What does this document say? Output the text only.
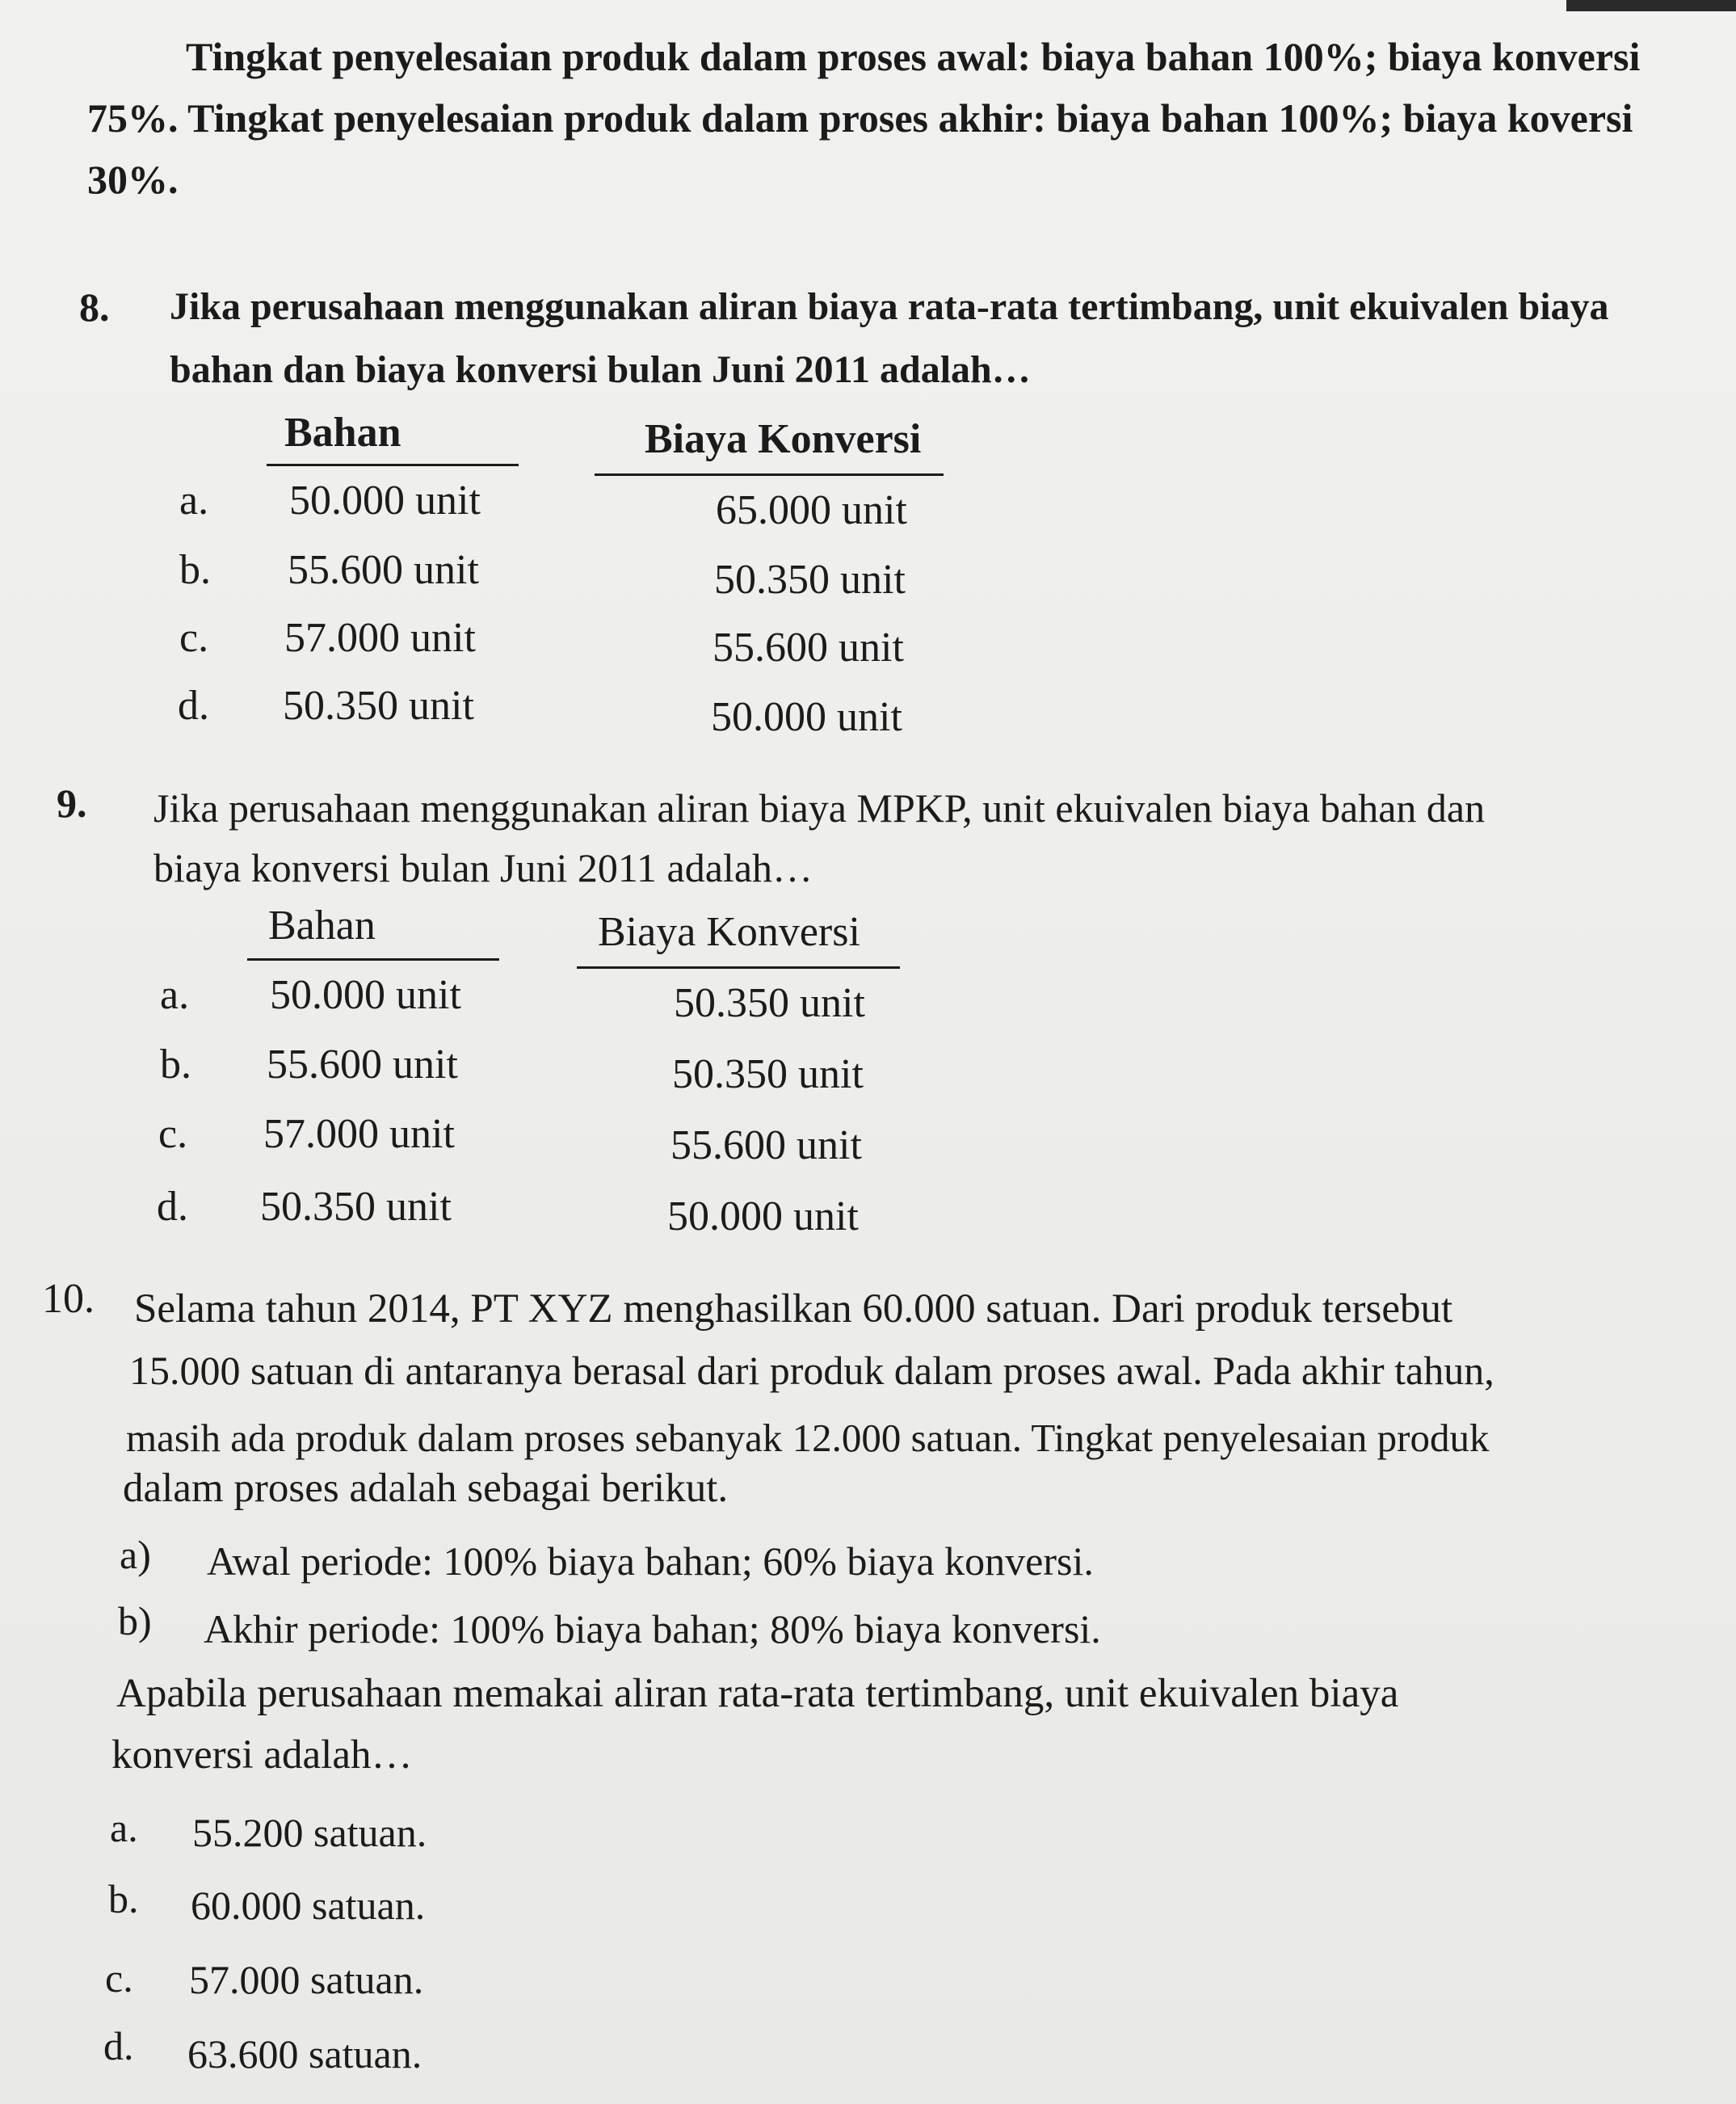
Tingkat penyelesaian produk dalam proses awal: biaya bahan 100%; biaya konversi
75%. Tingkat penyelesaian produk dalam proses akhir: biaya bahan 100%; biaya koversi
30%.
8. Jika perusahaan menggunakan aliran biaya rata-rata tertimbang, unit ekuivalen biaya
bahan dan biaya konversi bulan Juni 2011 adalah…
Bahan	Biaya Konversi
a. 50.000 unit	65.000 unit
b. 55.600 unit	50.350 unit
c. 57.000 unit	55.600 unit
d. 50.350 unit	50.000 unit
9. Jika perusahaan menggunakan aliran biaya MPKP, unit ekuivalen biaya bahan dan
biaya konversi bulan Juni 2011 adalah…
Bahan	Biaya Konversi
a. 50.000 unit	50.350 unit
b. 55.600 unit	50.350 unit
c. 57.000 unit	55.600 unit
d. 50.350 unit	50.000 unit
10. Selama tahun 2014, PT XYZ menghasilkan 60.000 satuan. Dari produk tersebut
15.000 satuan di antaranya berasal dari produk dalam proses awal. Pada akhir tahun,
masih ada produk dalam proses sebanyak 12.000 satuan. Tingkat penyelesaian produk
dalam proses adalah sebagai berikut.
a) Awal periode: 100% biaya bahan; 60% biaya konversi.
b) Akhir periode: 100% biaya bahan; 80% biaya konversi.
Apabila perusahaan memakai aliran rata-rata tertimbang, unit ekuivalen biaya
konversi adalah…
a. 55.200 satuan.
b. 60.000 satuan.
c. 57.000 satuan.
d. 63.600 satuan.
